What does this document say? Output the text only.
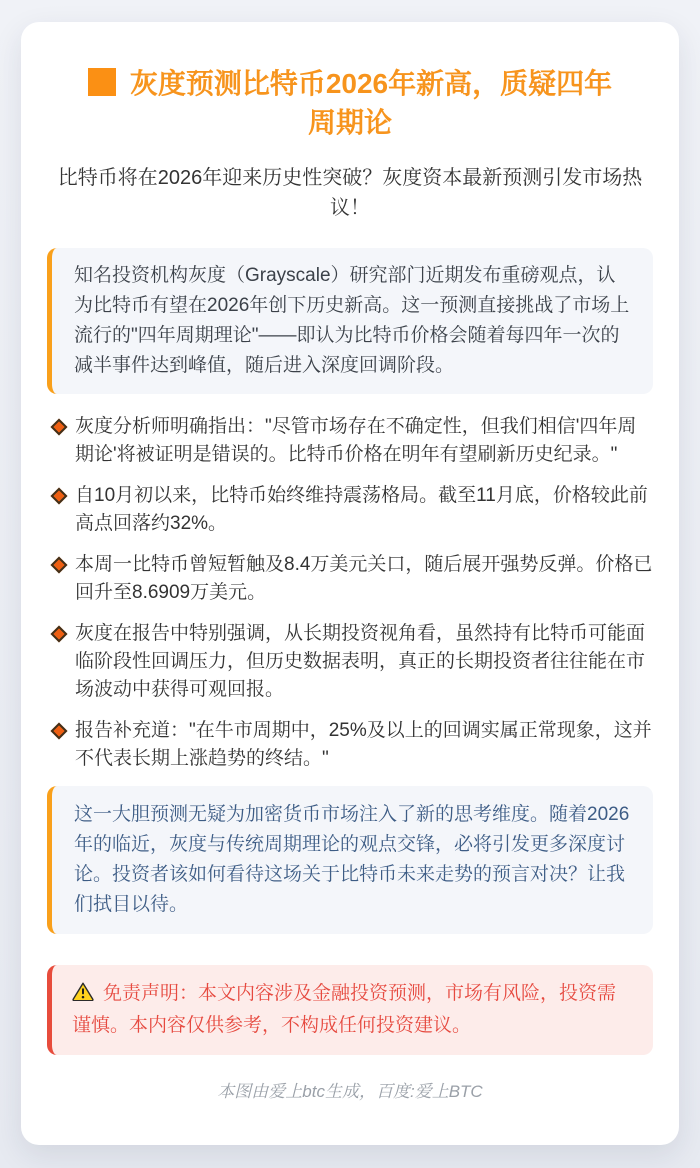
灰度预测比特币2026年新高，质疑四年周期论

比特币将在2026年迎来历史性突破？灰度资本最新预测引发市场热议！

知名投资机构灰度（Grayscale）研究部门近期发布重磅观点，认为比特币有望在2026年创下历史新高。这一预测直接挑战了市场上流行的"四年周期理论"——即认为比特币价格会随着每四年一次的减半事件达到峰值，随后进入深度回调阶段。

灰度分析师明确指出："尽管市场存在不确定性，但我们相信'四年周期论'将被证明是错误的。比特币价格在明年有望刷新历史纪录。"

自10月初以来，比特币始终维持震荡格局。截至11月底，价格较此前高点回落约32%。

本周一比特币曾短暂触及8.4万美元关口，随后展开强势反弹。价格已回升至8.6909万美元。

灰度在报告中特别强调，从长期投资视角看，虽然持有比特币可能面临阶段性回调压力，但历史数据表明，真正的长期投资者往往能在市场波动中获得可观回报。

报告补充道："在牛市周期中，25%及以上的回调实属正常现象，这并不代表长期上涨趋势的终结。"

这一大胆预测无疑为加密货币市场注入了新的思考维度。随着2026年的临近，灰度与传统周期理论的观点交锋，必将引发更多深度讨论。投资者该如何看待这场关于比特币未来走势的预言对决？让我们拭目以待。

免责声明：本文内容涉及金融投资预测，市场有风险，投资需谨慎。本内容仅供参考，不构成任何投资建议。

本图由爱上btc生成，百度:爱上BTC
